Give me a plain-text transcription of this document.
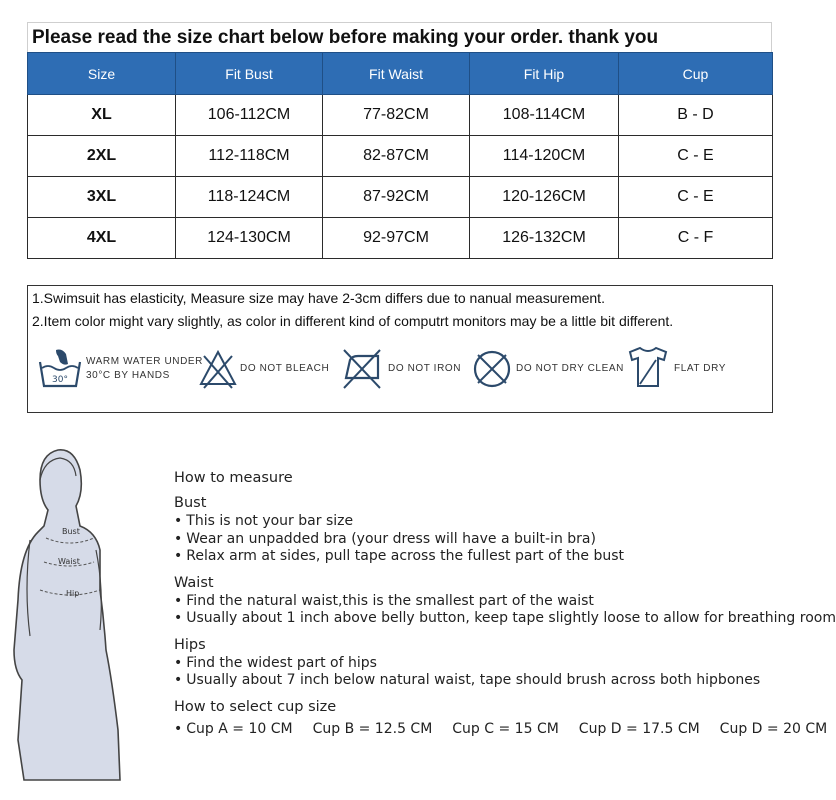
Please read the size chart below before making your order. thank you
Size	Fit Bust	Fit Waist	Fit Hip	Cup
XL	106-112CM	77-82CM	108-114CM	B - D
2XL	112-118CM	82-87CM	114-120CM	C - E
3XL	118-124CM	87-92CM	120-126CM	C - E
4XL	124-130CM	92-97CM	126-132CM	C - F
1.Swimsuit has elasticity, Measure size may have 2-3cm differs due to nanual measurement.
2.Item color might vary slightly, as color in different kind of computrt monitors may be a little bit different.
30°
WARM WATER UNDER
30°C BY HANDS
DO NOT BLEACH	DO NOT IRON	DO NOT DRY CLEAN	FLAT DRY
Bust
Waist
Hip
How to measure
Bust
• This is not your bar size
• Wear an unpadded bra (your dress will have a built-in bra)
• Relax arm at sides, pull tape across the fullest part of the bust
Waist
• Find the natural waist,this is the smallest part of the waist
• Usually about 1 inch above belly button, keep tape slightly loose to allow for breathing room
Hips
• Find the widest part of hips
• Usually about 7 inch below natural waist, tape should brush across both hipbones
How to select cup size
• Cup A = 10 CM Cup B = 12.5 CM Cup C = 15 CM Cup D = 17.5 CM Cup D = 20 CM
